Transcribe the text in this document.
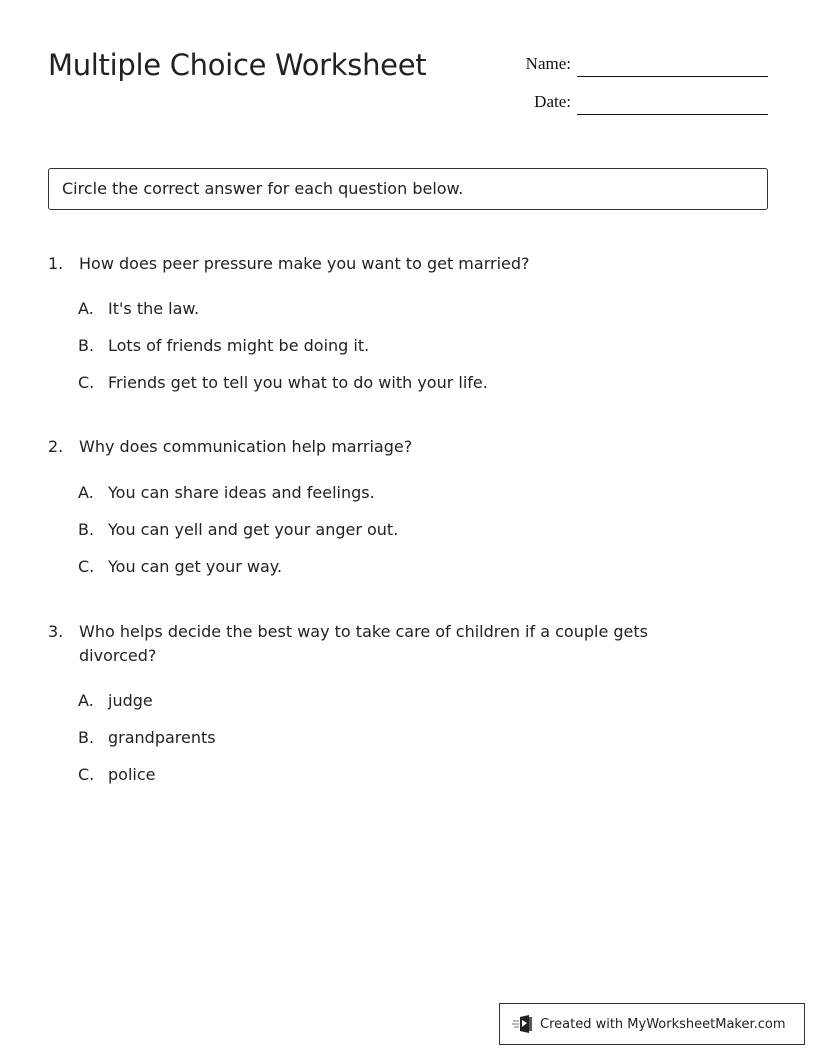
Multiple Choice Worksheet	Name:
Date:
Circle the correct answer for each question below.
1. How does peer pressure make you want to get married?
A. It's the law.
B. Lots of friends might be doing it.
C. Friends get to tell you what to do with your life.
2. Why does communication help marriage?
A. You can share ideas and feelings.
B. You can yell and get your anger out.
C. You can get your way.
3. Who helps decide the best way to take care of children if a couple gets divorced?
A. judge
B. grandparents
C. police
Created with MyWorksheetMaker.com
